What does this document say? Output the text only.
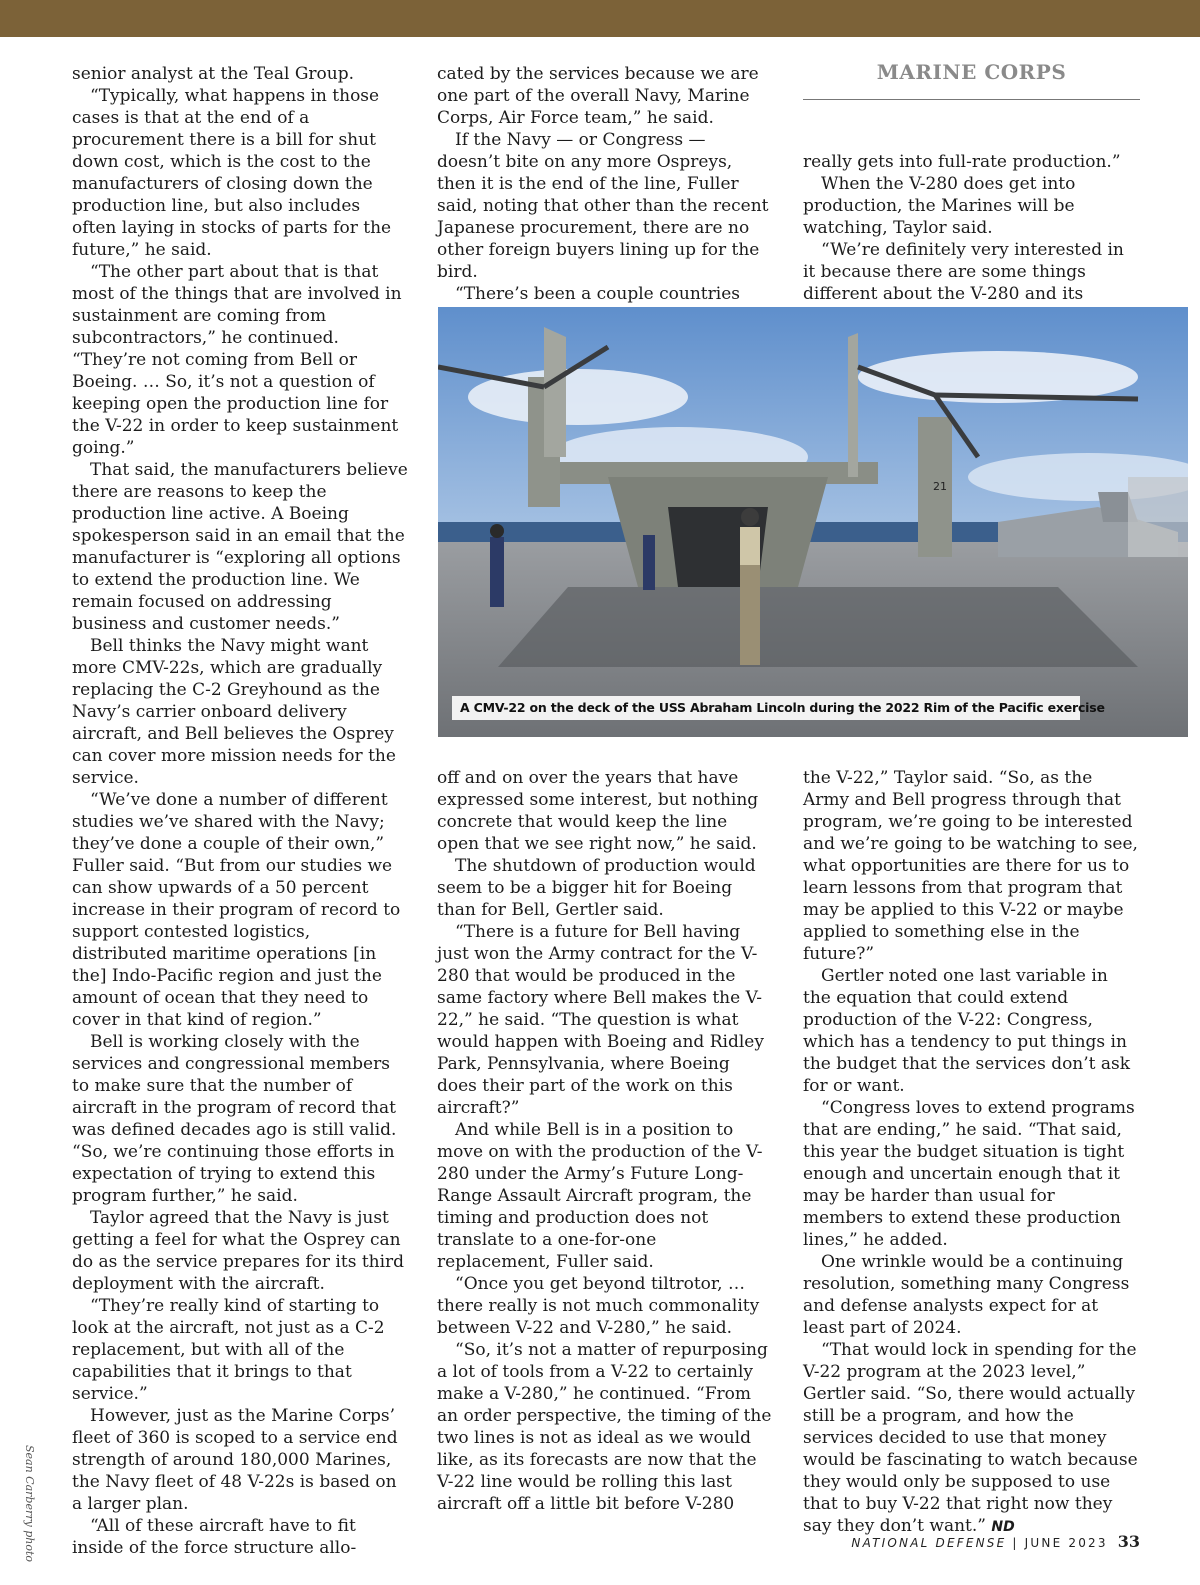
MARINE CORPS

senior analyst at the Teal Group.

“Typically, what happens in those cases is that at the end of a procurement there is a bill for shut down cost, which is the cost to the manufacturers of closing down the production line, but also includes often laying in stocks of parts for the future,” he said.

“The other part about that is that most of the things that are involved in sustainment are coming from subcontractors,” he continued. “They’re not coming from Bell or Boeing. … So, it’s not a question of keeping open the production line for the V-22 in order to keep sustainment going.”

That said, the manufacturers believe there are reasons to keep the production line active. A Boeing spokesperson said in an email that the manufacturer is “exploring all options to extend the production line. We remain focused on addressing business and customer needs.”

Bell thinks the Navy might want more CMV-22s, which are gradually replacing the C-2 Greyhound as the Navy’s carrier onboard delivery aircraft, and Bell believes the Osprey can cover more mission needs for the service.

“We’ve done a number of different studies we’ve shared with the Navy; they’ve done a couple of their own,” Fuller said. “But from our studies we can show upwards of a 50 percent increase in their program of record to support contested logistics, distributed maritime operations [in the] Indo-Pacific region and just the amount of ocean that they need to cover in that kind of region.”

Bell is working closely with the services and congressional members to make sure that the number of aircraft in the program of record that was defined decades ago is still valid. “So, we’re continuing those efforts in expectation of trying to extend this program further,” he said.

Taylor agreed that the Navy is just getting a feel for what the Osprey can do as the service prepares for its third deployment with the aircraft.

“They’re really kind of starting to look at the aircraft, not just as a C-2 replacement, but with all of the capabilities that it brings to that service.”

However, just as the Marine Corps’ fleet of 360 is scoped to a service end strength of around 180,000 Marines, the Navy fleet of 48 V-22s is based on a larger plan.

“All of these aircraft have to fit inside of the force structure allo-

cated by the services because we are one part of the overall Navy, Marine Corps, Air Force team,” he said.

If the Navy — or Congress — doesn’t bite on any more Ospreys, then it is the end of the line, Fuller said, noting that other than the recent Japanese procurement, there are no other foreign buyers lining up for the bird.

“There’s been a couple countries

really gets into full-rate production.”

When the V-280 does get into production, the Marines will be watching, Taylor said.

“We’re definitely very interested in it because there are some things different about the V-280 and its

21
A CMV-22 on the deck of the USS Abraham Lincoln during the 2022 Rim of the Pacific exercise

off and on over the years that have expressed some interest, but nothing concrete that would keep the line open that we see right now,” he said.

The shutdown of production would seem to be a bigger hit for Boeing than for Bell, Gertler said.

“There is a future for Bell having just won the Army contract for the V-280 that would be produced in the same factory where Bell makes the V-22,” he said. “The question is what would happen with Boeing and Ridley Park, Pennsylvania, where Boeing does their part of the work on this aircraft?”

And while Bell is in a position to move on with the production of the V-280 under the Army’s Future Long-Range Assault Aircraft program, the timing and production does not translate to a one-for-one replacement, Fuller said.

“Once you get beyond tiltrotor, … there really is not much commonality between V-22 and V-280,” he said.

“So, it’s not a matter of repurposing a lot of tools from a V-22 to certainly make a V-280,” he continued. “From an order perspective, the timing of the two lines is not as ideal as we would like, as its forecasts are now that the V-22 line would be rolling this last aircraft off a little bit before V-280

the V-22,” Taylor said. “So, as the Army and Bell progress through that program, we’re going to be interested and we’re going to be watching to see, what opportunities are there for us to learn lessons from that program that may be applied to this V-22 or maybe applied to something else in the future?”

Gertler noted one last variable in the equation that could extend production of the V-22: Congress, which has a tendency to put things in the budget that the services don’t ask for or want.

“Congress loves to extend programs that are ending,” he said. “That said, this year the budget situation is tight enough and uncertain enough that it may be harder than usual for members to extend these production lines,” he added.

One wrinkle would be a continuing resolution, something many Congress and defense analysts expect for at least part of 2024.

“That would lock in spending for the V-22 program at the 2023 level,” Gertler said. “So, there would actually still be a program, and how the services decided to use that money would be fascinating to watch because they would only be supposed to use that to buy V-22 that right now they say they don’t want.” ND

Sean Carberry photo	NATIONAL DEFENSE | JUNE 2023 33
